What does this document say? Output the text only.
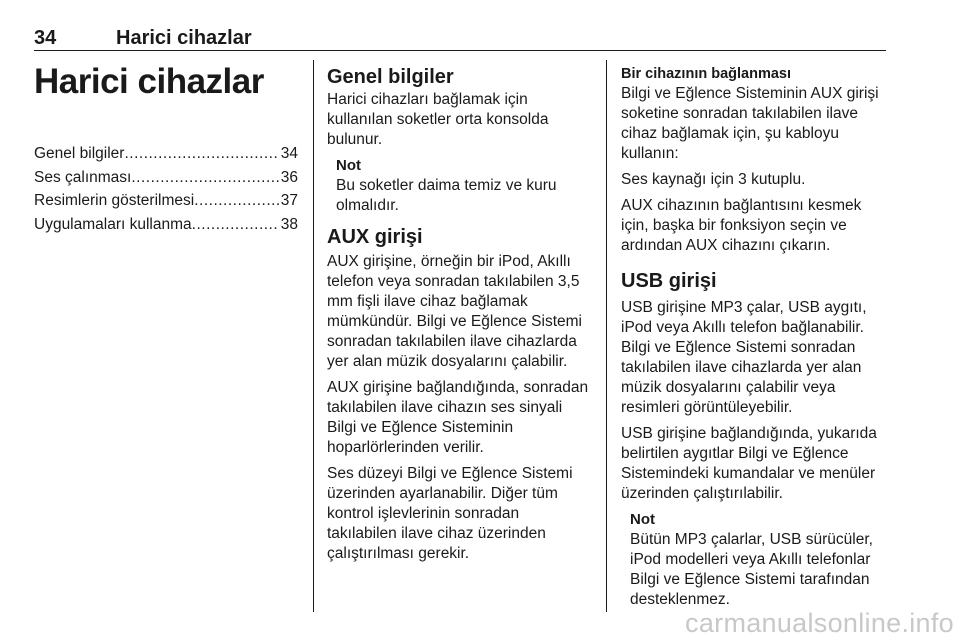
34	Harici cihazlar
Harici cihazlar
Genel bilgiler .....	34
Ses çalınması .....	36
Resimlerin gösterilmesi .....	37
Uygulamaları kullanma .....	38
Genel bilgiler

Harici cihazları bağlamak için kullanılan soketler orta konsolda bulunur.

Not
Bu soketler daima temiz ve kuru olmalıdır.
AUX girişi

AUX girişine, örneğin bir iPod, Akıllı telefon veya sonradan takılabilen 3,5 mm fişli ilave cihaz bağlamak mümkündür. Bilgi ve Eğlence Sistemi sonradan takılabilen ilave cihazlarda yer alan müzik dosyalarını çalabilir.

AUX girişine bağlandığında, sonradan takılabilen ilave cihazın ses sinyali Bilgi ve Eğlence Sisteminin hoparlörlerinden verilir.

Ses düzeyi Bilgi ve Eğlence Sistemi üzerinden ayarlanabilir. Diğer tüm kontrol işlevlerinin sonradan takılabilen ilave cihaz üzerinden çalıştırılması gerekir.

Bir cihazının bağlanması

Bilgi ve Eğlence Sisteminin AUX girişi soketine sonradan takılabilen ilave cihaz bağlamak için, şu kabloyu kullanın:

Ses kaynağı için 3 kutuplu.

AUX cihazının bağlantısını kesmek için, başka bir fonksiyon seçin ve ardından AUX cihazını çıkarın.

USB girişi

USB girişine MP3 çalar, USB aygıtı, iPod veya Akıllı telefon bağlanabilir. Bilgi ve Eğlence Sistemi sonradan takılabilen ilave cihazlarda yer alan müzik dosyalarını çalabilir veya resimleri görüntüleyebilir.

USB girişine bağlandığında, yukarıda belirtilen aygıtlar Bilgi ve Eğlence Sistemindeki kumandalar ve menüler üzerinden çalıştırılabilir.

Not
Bütün MP3 çalarlar, USB sürücüler, iPod modelleri veya Akıllı telefonlar Bilgi ve Eğlence Sistemi tarafından desteklenmez.
carmanualsonline.info
